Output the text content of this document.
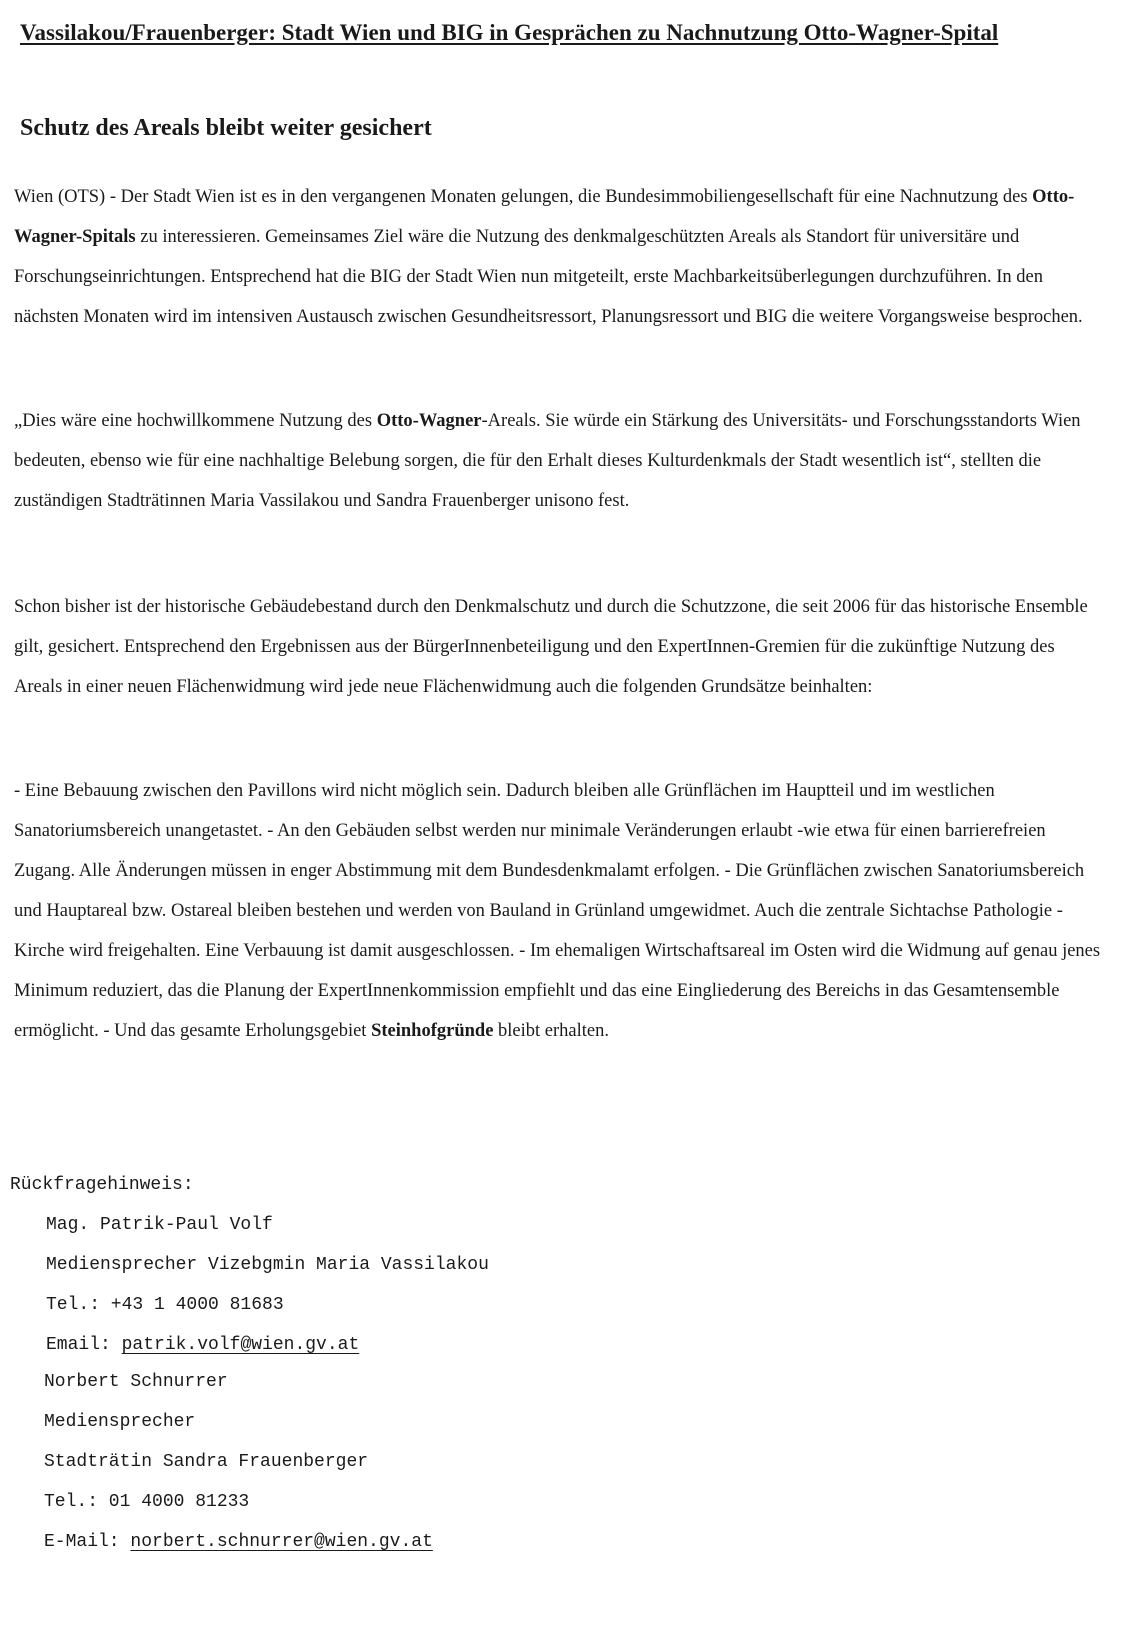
Vassilakou/Frauenberger: Stadt Wien und BIG in Gesprächen zu Nachnutzung Otto-Wagner-Spital
Schutz des Areals bleibt weiter gesichert

Wien (OTS) - Der Stadt Wien ist es in den vergangenen Monaten gelungen, die Bundesimmobiliengesellschaft für eine Nachnutzung des Otto-Wagner-Spitals zu interessieren. Gemeinsames Ziel wäre die Nutzung des denkmalgeschützten Areals als Standort für universitäre und Forschungseinrichtungen. Entsprechend hat die BIG der Stadt Wien nun mitgeteilt, erste Machbarkeitsüberlegungen durchzuführen. In den nächsten Monaten wird im intensiven Austausch zwischen Gesundheitsressort, Planungsressort und BIG die weitere Vorgangsweise besprochen.

„Dies wäre eine hochwillkommene Nutzung des Otto-Wagner-Areals. Sie würde ein Stärkung des Universitäts- und Forschungsstandorts Wien bedeuten, ebenso wie für eine nachhaltige Belebung sorgen, die für den Erhalt dieses Kulturdenkmals der Stadt wesentlich ist“, stellten die zuständigen Stadträtinnen Maria Vassilakou und Sandra Frauenberger unisono fest.

Schon bisher ist der historische Gebäudebestand durch den Denkmalschutz und durch die Schutzzone, die seit 2006 für das historische Ensemble gilt, gesichert. Entsprechend den Ergebnissen aus der BürgerInnenbeteiligung und den ExpertInnen-Gremien für die zukünftige Nutzung des Areals in einer neuen Flächenwidmung wird jede neue Flächenwidmung auch die folgenden Grundsätze beinhalten:

- Eine Bebauung zwischen den Pavillons wird nicht möglich sein. Dadurch bleiben alle Grünflächen im Hauptteil und im westlichen Sanatoriumsbereich unangetastet. - An den Gebäuden selbst werden nur minimale Veränderungen erlaubt -wie etwa für einen barrierefreien Zugang. Alle Änderungen müssen in enger Abstimmung mit dem Bundesdenkmalamt erfolgen. - Die Grünflächen zwischen Sanatoriumsbereich und Hauptareal bzw. Ostareal bleiben bestehen und werden von Bauland in Grünland umgewidmet. Auch die zentrale Sichtachse Pathologie - Kirche wird freigehalten. Eine Verbauung ist damit ausgeschlossen. - Im ehemaligen Wirtschaftsareal im Osten wird die Widmung auf genau jenes Minimum reduziert, das die Planung der ExpertInnenkommission empfiehlt und das eine Eingliederung des Bereichs in das Gesamtensemble ermöglicht. - Und das gesamte Erholungsgebiet Steinhofgründe bleibt erhalten.

Rückfragehinweis:

Mag. Patrik-Paul Volf
Mediensprecher Vizebgmin Maria Vassilakou
Tel.: +43 1 4000 81683
Email: patrik.volf@wien.gv.at
Norbert Schnurrer
Mediensprecher
Stadträtin Sandra Frauenberger
Tel.: 01 4000 81233
E-Mail: norbert.schnurrer@wien.gv.at
